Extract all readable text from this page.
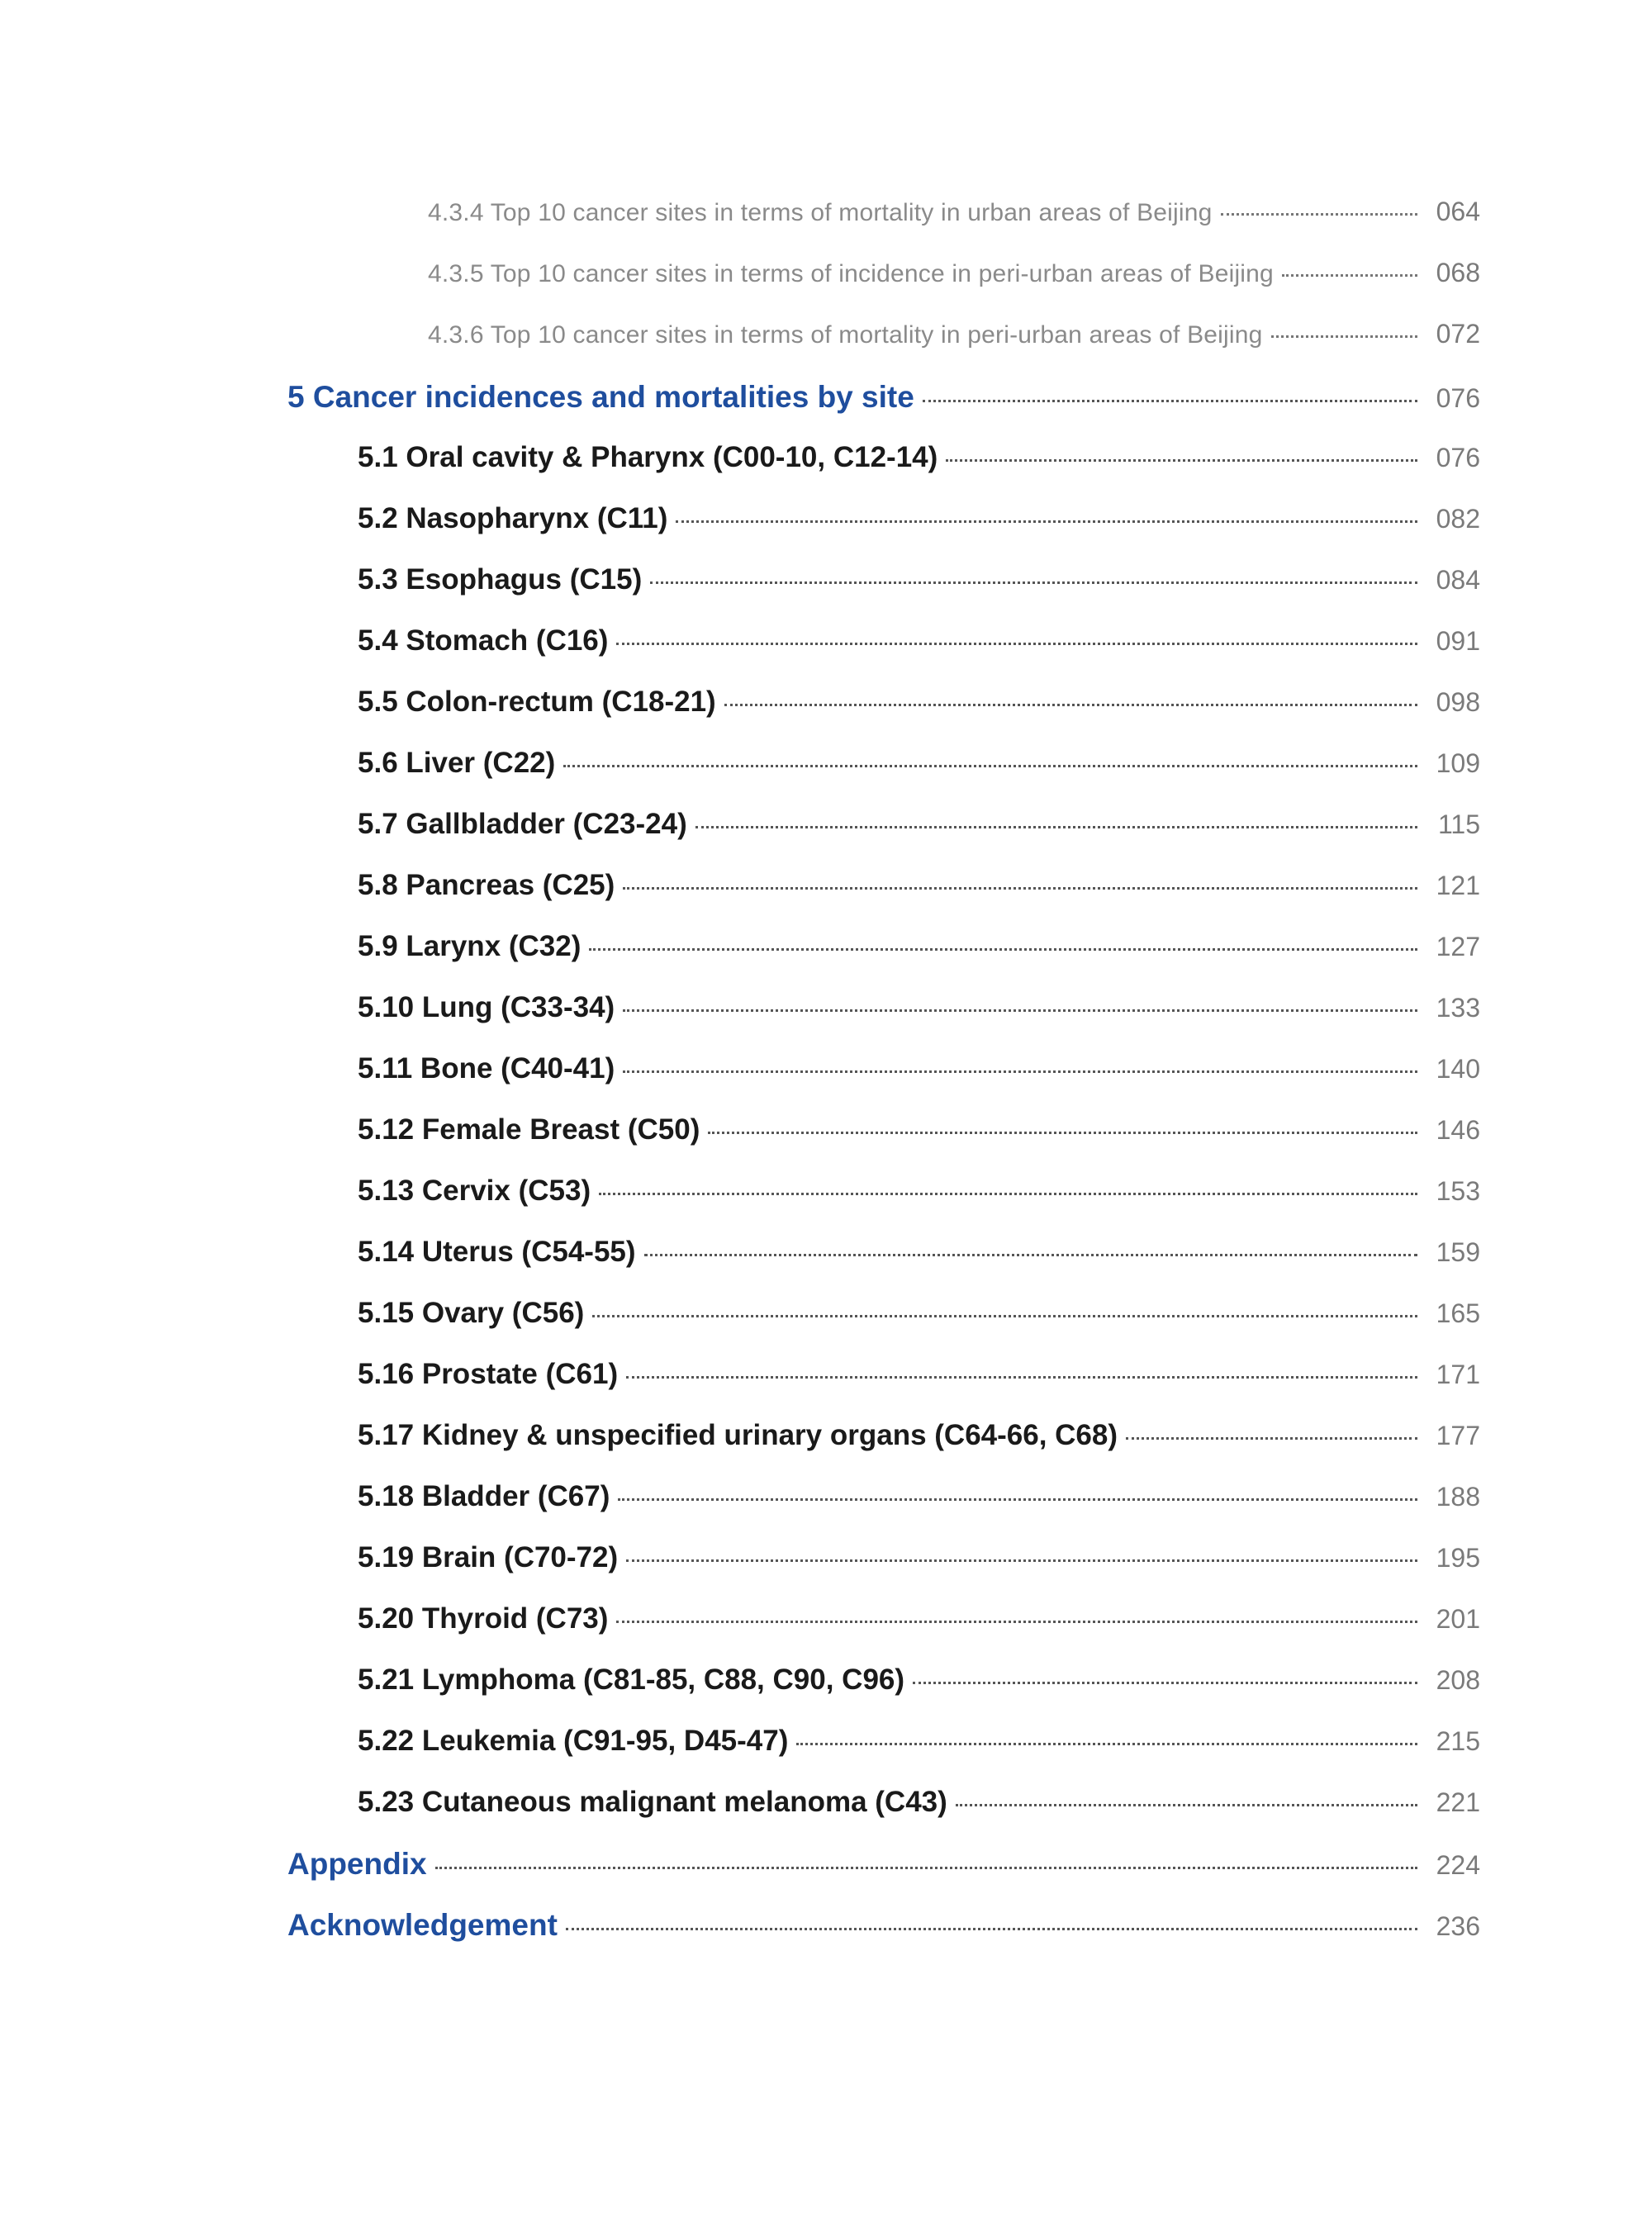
4.3.4 Top 10 cancer sites in terms of mortality in urban areas of Beijing	064
4.3.5 Top 10 cancer sites in terms of incidence in peri-urban areas of Beijing	068
4.3.6 Top 10 cancer sites in terms of mortality in peri-urban areas of Beijing	072
5 Cancer incidences and mortalities by site	076
5.1 Oral cavity & Pharynx (C00-10, C12-14)	076
5.2 Nasopharynx (C11)	082
5.3 Esophagus (C15)	084
5.4 Stomach (C16)	091
5.5 Colon-rectum (C18-21)	098
5.6 Liver (C22)	109
5.7 Gallbladder (C23-24)	115
5.8 Pancreas (C25)	121
5.9 Larynx (C32)	127
5.10 Lung (C33-34)	133
5.11 Bone (C40-41)	140
5.12 Female Breast (C50)	146
5.13 Cervix (C53)	153
5.14 Uterus (C54-55)	159
5.15 Ovary (C56)	165
5.16 Prostate (C61)	171
5.17 Kidney & unspecified urinary organs (C64-66, C68)	177
5.18 Bladder (C67)	188
5.19 Brain (C70-72)	195
5.20 Thyroid (C73)	201
5.21 Lymphoma (C81-85, C88, C90, C96)	208
5.22 Leukemia (C91-95, D45-47)	215
5.23 Cutaneous malignant melanoma (C43)	221
Appendix	224
Acknowledgement	236
